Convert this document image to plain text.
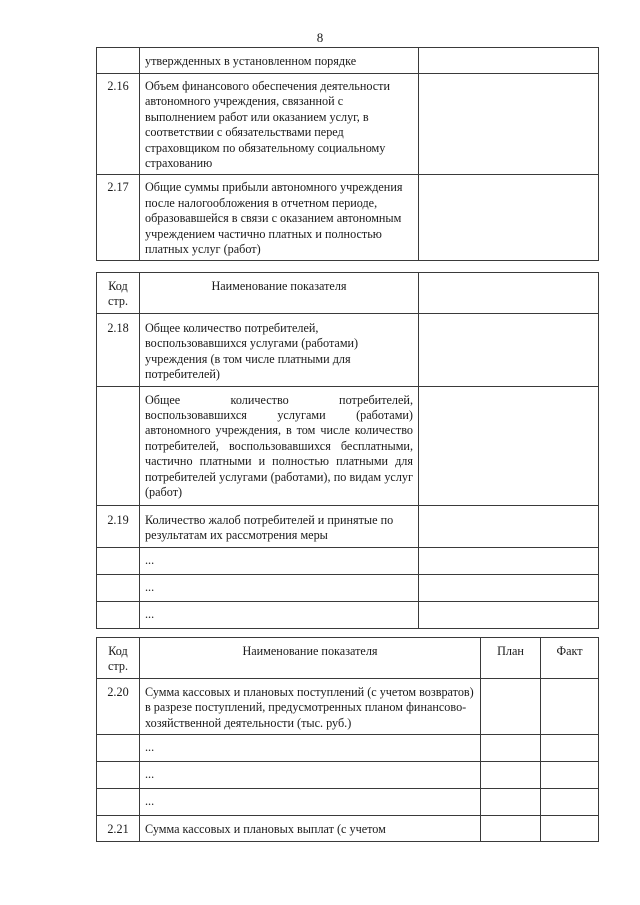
8
	утвержденных в установленном порядке	
2.16	Объем финансового обеспечения деятельности автономного учреждения, связанной с выполнением работ или оказанием услуг, в соответствии с обязательствами перед страховщиком по обязательному социальному страхованию	
2.17	Общие суммы прибыли автономного учреждения после налогообложения в отчетном периоде, образовавшейся в связи с оказанием автономным учреждением частично платных и полностью платных услуг (работ)	
Код стр.	Наименование показателя	
2.18	Общее количество потребителей, воспользовавшихся услугами (работами) учреждения (в том числе платными для потребителей)	
	Общее количество потребителей, воспользовавшихся услугами (работами) автономного учреждения, в том числе количество потребителей, воспользовавшихся бесплатными, частично платными и полностью платными для потребителей услугами (работами), по видам услуг (работ)	
2.19	Количество жалоб потребителей и принятые по результатам их рассмотрения меры	
	...	
	...	
	...	
Код стр.	Наименование показателя	План	Факт
2.20	Сумма кассовых и плановых поступлений (с учетом возвратов) в разрезе поступлений, предусмотренных планом финансово-хозяйственной деятельности (тыс. руб.)		
	...		
	...		
	...		
2.21	Сумма кассовых и плановых выплат (с учетом		
